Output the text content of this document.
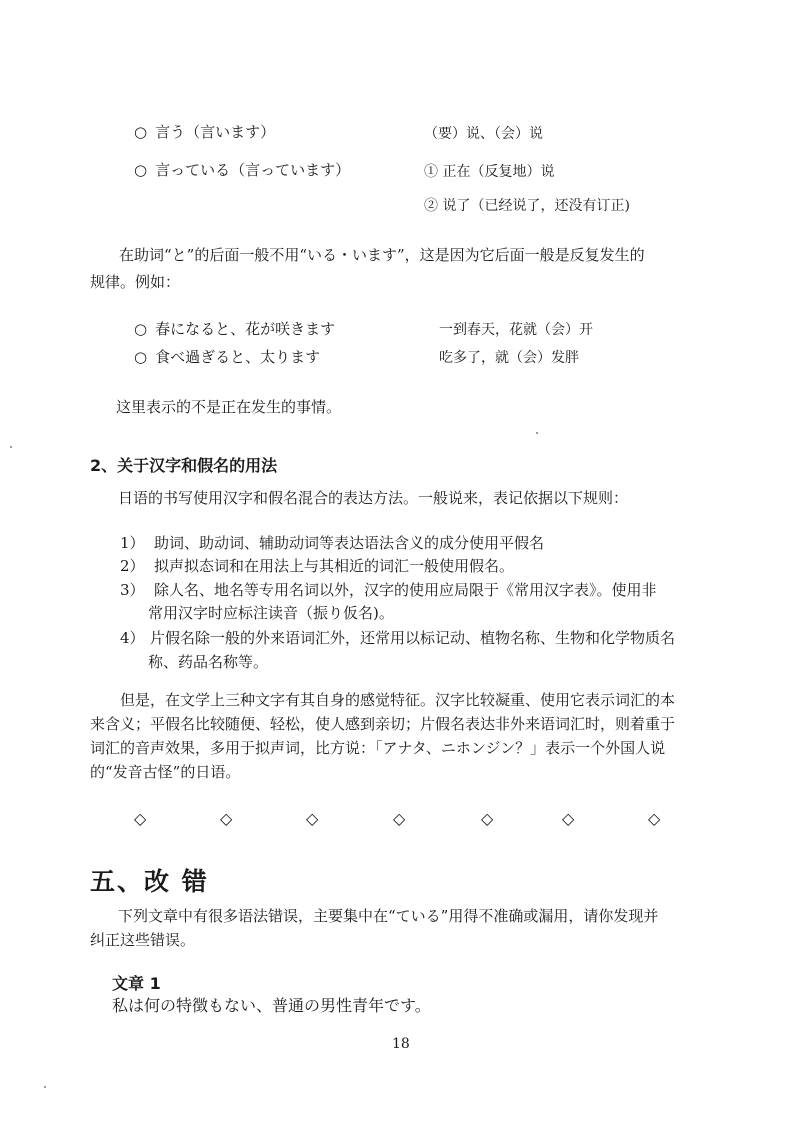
○ 言う（言います）	（要）说、（会）说
○ 言っている（言っています）	① 正在（反复地）说
② 说了（已经说了，还没有订正)
在助词“と”的后面一般不用“いる・います”，这是因为它后面一般是反复发生的
规律。例如：
○ 春になると、花が咲きます	一到春天，花就（会）开
○ 食べ過ぎると、太ります	吃多了，就（会）发胖
这里表示的不是正在发生的事情。
2、关于汉字和假名的用法
日语的书写使用汉字和假名混合的表达方法。一般说来，表记依据以下规则：
1） 助词、助动词、辅助动词等表达语法含义的成分使用平假名
2） 拟声拟态词和在用法上与其相近的词汇一般使用假名。
3） 除人名、地名等专用名词以外，汉字的使用应局限于《常用汉字表》。使用非
常用汉字时应标注读音（振り仮名)。
4） 片假名除一般的外来语词汇外，还常用以标记动、植物名称、生物和化学物质名
称、药品名称等。
但是，在文学上三种文字有其自身的感觉特征。汉字比较凝重、使用它表示词汇的本
来含义；平假名比较随便、轻松，使人感到亲切；片假名表达非外来语词汇时，则着重于
词汇的音声效果，多用于拟声词，比方说：「アナタ、ニホンジン？」表示一个外国人说
的“发音古怪”的日语。
◇	◇	◇	◇	◇	◇	◇
五、改 错
下列文章中有很多语法错误，主要集中在“ている”用得不准确或漏用，请你发现并
纠正这些错误。
文章 1
私は何の特徴もない、普通の男性青年です。
18
